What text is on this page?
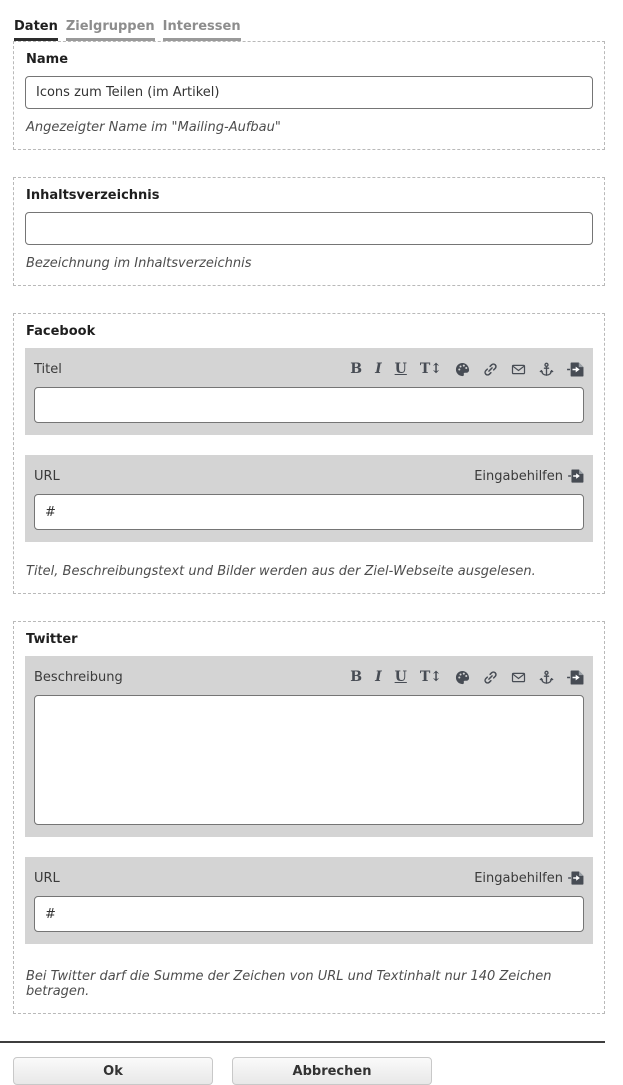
Daten Zielgruppen Interessen
Name
Icons zum Teilen (im Artikel)
Angezeigter Name im "Mailing-Aufbau"
Inhaltsverzeichnis
Bezeichnung im Inhaltsverzeichnis
Facebook
Titel	B I U T↕
URL	Eingabehilfen
#
Titel, Beschreibungstext und Bilder werden aus der Ziel-Webseite ausgelesen.
Twitter
Beschreibung	B I U T↕
URL	Eingabehilfen
#
Bei Twitter darf die Summe der Zeichen von URL und Textinhalt nur 140 Zeichen betragen.
Ok	Abbrechen
